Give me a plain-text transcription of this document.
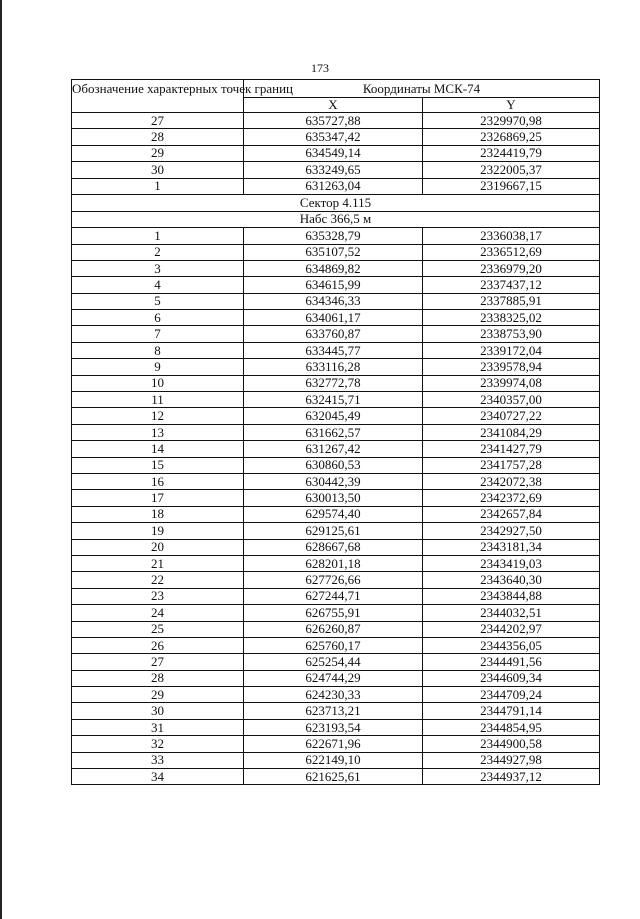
173
Обозначение характерных точек границ	Координаты МСК-74	
	X	Y
27	635727,88	2329970,98
28	635347,42	2326869,25
29	634549,14	2324419,79
30	633249,65	2322005,37
1	631263,04	2319667,15
Сектор 4.115		
Набс 366,5 м		
1	635328,79	2336038,17
2	635107,52	2336512,69
3	634869,82	2336979,20
4	634615,99	2337437,12
5	634346,33	2337885,91
6	634061,17	2338325,02
7	633760,87	2338753,90
8	633445,77	2339172,04
9	633116,28	2339578,94
10	632772,78	2339974,08
11	632415,71	2340357,00
12	632045,49	2340727,22
13	631662,57	2341084,29
14	631267,42	2341427,79
15	630860,53	2341757,28
16	630442,39	2342072,38
17	630013,50	2342372,69
18	629574,40	2342657,84
19	629125,61	2342927,50
20	628667,68	2343181,34
21	628201,18	2343419,03
22	627726,66	2343640,30
23	627244,71	2343844,88
24	626755,91	2344032,51
25	626260,87	2344202,97
26	625760,17	2344356,05
27	625254,44	2344491,56
28	624744,29	2344609,34
29	624230,33	2344709,24
30	623713,21	2344791,14
31	623193,54	2344854,95
32	622671,96	2344900,58
33	622149,10	2344927,98
34	621625,61	2344937,12
